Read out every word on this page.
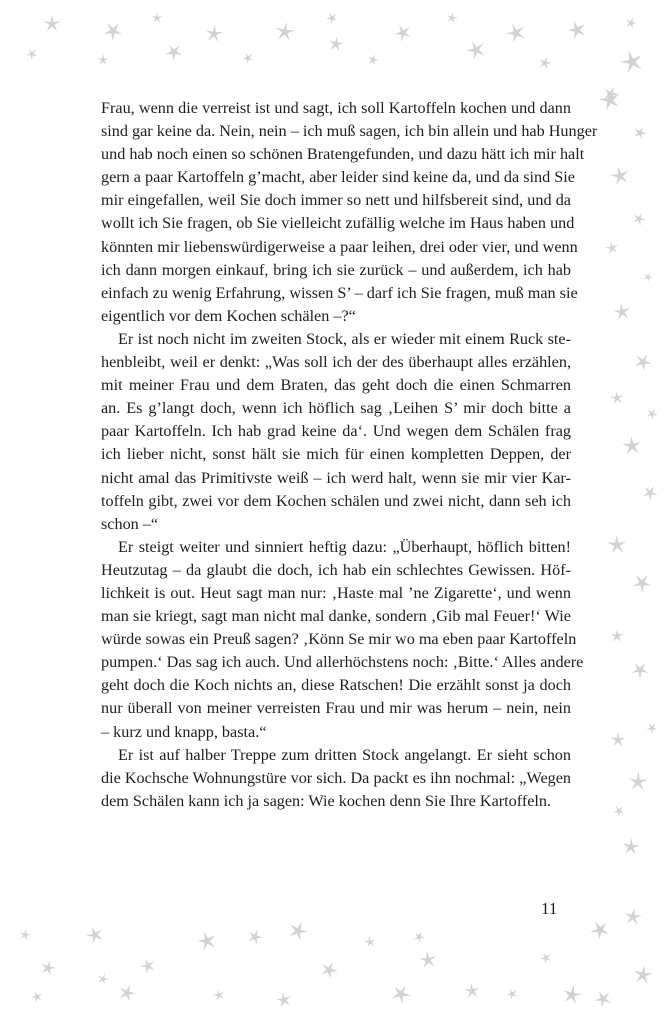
Frau, wenn die verreist ist und sagt, ich soll Kartoffeln kochen und dann
sind gar keine da. Nein, nein – ich muß sagen, ich bin allein und hab Hunger
und hab noch einen so schönen Bratengefunden, und dazu hätt ich mir halt
gern a paar Kartoffeln g’macht, aber leider sind keine da, und da sind Sie
mir eingefallen, weil Sie doch immer so nett und hilfsbereit sind, und da
wollt ich Sie fragen, ob Sie vielleicht zufällig welche im Haus haben und
könnten mir liebenswürdigerweise a paar leihen, drei oder vier, und wenn
ich dann morgen einkauf, bring ich sie zurück – und außerdem, ich hab
einfach zu wenig Erfahrung, wissen S’ – darf ich Sie fragen, muß man sie
eigentlich vor dem Kochen schälen –?“
Er ist noch nicht im zweiten Stock, als er wieder mit einem Ruck ste-
henbleibt, weil er denkt: „Was soll ich der des überhaupt alles erzählen,
mit meiner Frau und dem Braten, das geht doch die einen Schmarren
an. Es g’langt doch, wenn ich höflich sag ‚Leihen S’ mir doch bitte a
paar Kartoffeln. Ich hab grad keine da‘. Und wegen dem Schälen frag
ich lieber nicht, sonst hält sie mich für einen kompletten Deppen, der
nicht amal das Primitivste weiß – ich werd halt, wenn sie mir vier Kar-
toffeln gibt, zwei vor dem Kochen schälen und zwei nicht, dann seh ich
schon –“
Er steigt weiter und sinniert heftig dazu: „Überhaupt, höflich bitten!
Heutzutag – da glaubt die doch, ich hab ein schlechtes Gewissen. Höf-
lichkeit is out. Heut sagt man nur: ‚Haste mal ’ne Zigarette‘, und wenn
man sie kriegt, sagt man nicht mal danke, sondern ‚Gib mal Feuer!‘ Wie
würde sowas ein Preuß sagen? ‚Könn Se mir wo ma eben paar Kartoffeln
pumpen.‘ Das sag ich auch. Und allerhöchstens noch: ‚Bitte.‘ Alles andere
geht doch die Koch nichts an, diese Ratschen! Die erzählt sonst ja doch
nur überall von meiner verreisten Frau und mir was herum – nein, nein
– kurz und knapp, basta.“
Er ist auf halber Treppe zum dritten Stock angelangt. Er sieht schon
die Kochsche Wohnungstüre vor sich. Da packt es ihn nochmal: „Wegen
dem Schälen kann ich ja sagen: Wie kochen denn Sie Ihre Kartoffeln.
11
